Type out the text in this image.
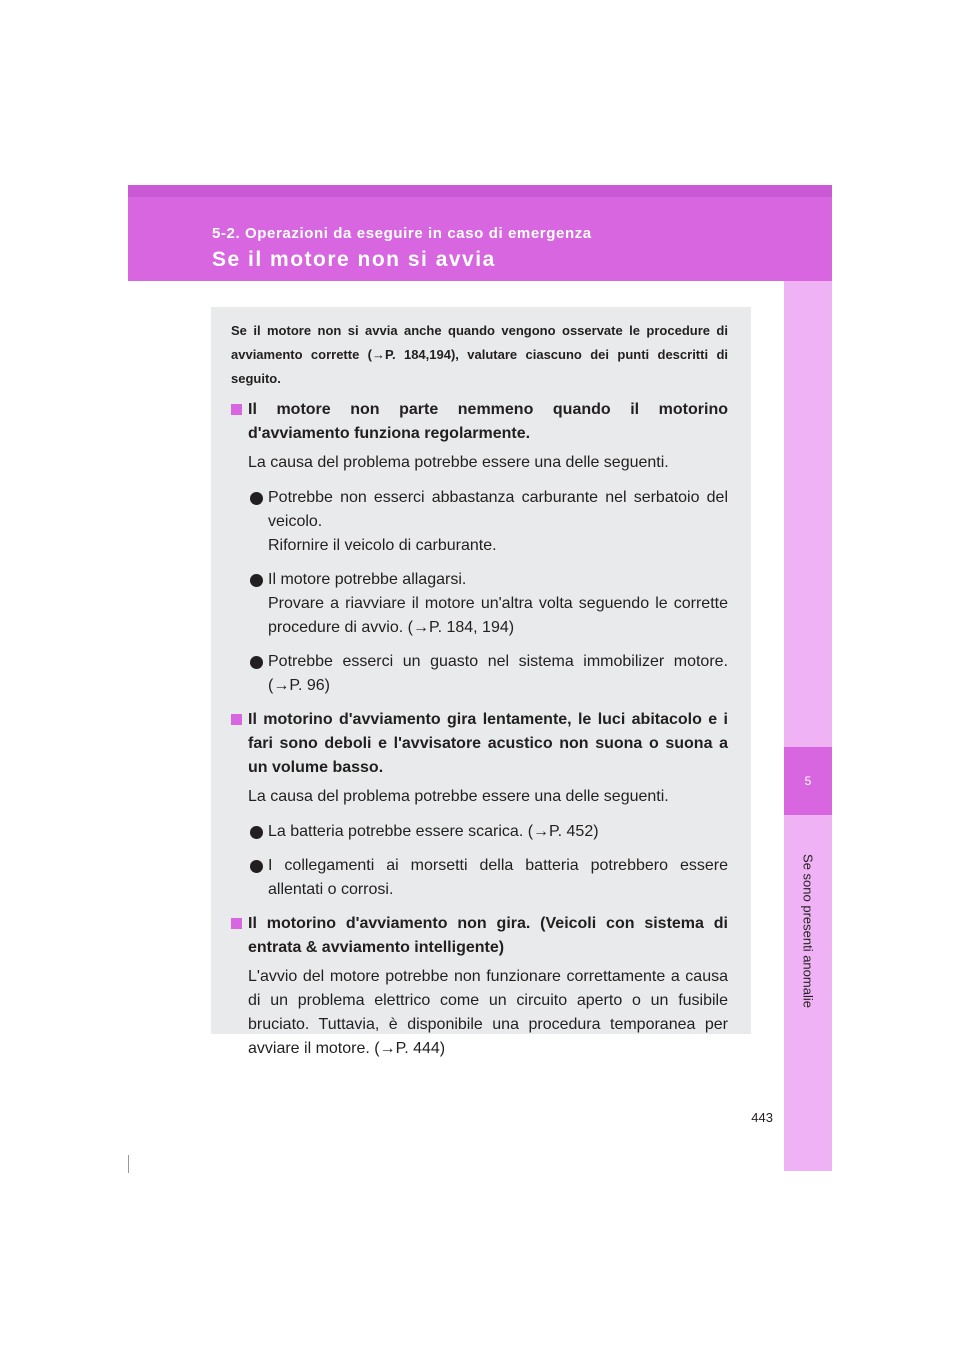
5-2. Operazioni da eseguire in caso di emergenza
Se il motore non si avvia
5
Se sono presenti anomalie

Se il motore non si avvia anche quando vengono osservate le procedure di avviamento corrette (→P. 184,194), valutare ciascuno dei punti descritti di seguito.

Il motore non parte nemmeno quando il motorino d'avviamento funziona regolarmente.

La causa del problema potrebbe essere una delle seguenti.

Potrebbe non esserci abbastanza carburante nel serbatoio del veicolo.
Rifornire il veicolo di carburante.
Il motore potrebbe allagarsi.
Provare a riavviare il motore un'altra volta seguendo le corrette procedure di avvio. (→P. 184, 194)
Potrebbe esserci un guasto nel sistema immobilizer motore. (→P. 96)

Il motorino d'avviamento gira lentamente, le luci abitacolo e i fari sono deboli e l'avvisatore acustico non suona o suona a un volume basso.

La causa del problema potrebbe essere una delle seguenti.

La batteria potrebbe essere scarica. (→P. 452)
I collegamenti ai morsetti della batteria potrebbero essere allentati o corrosi.

Il motorino d'avviamento non gira. (Veicoli con sistema di entrata & avviamento intelligente)

L'avvio del motore potrebbe non funzionare correttamente a causa di un problema elettrico come un circuito aperto o un fusibile bruciato. Tuttavia, è disponibile una procedura temporanea per avviare il motore. (→P. 444)

443
